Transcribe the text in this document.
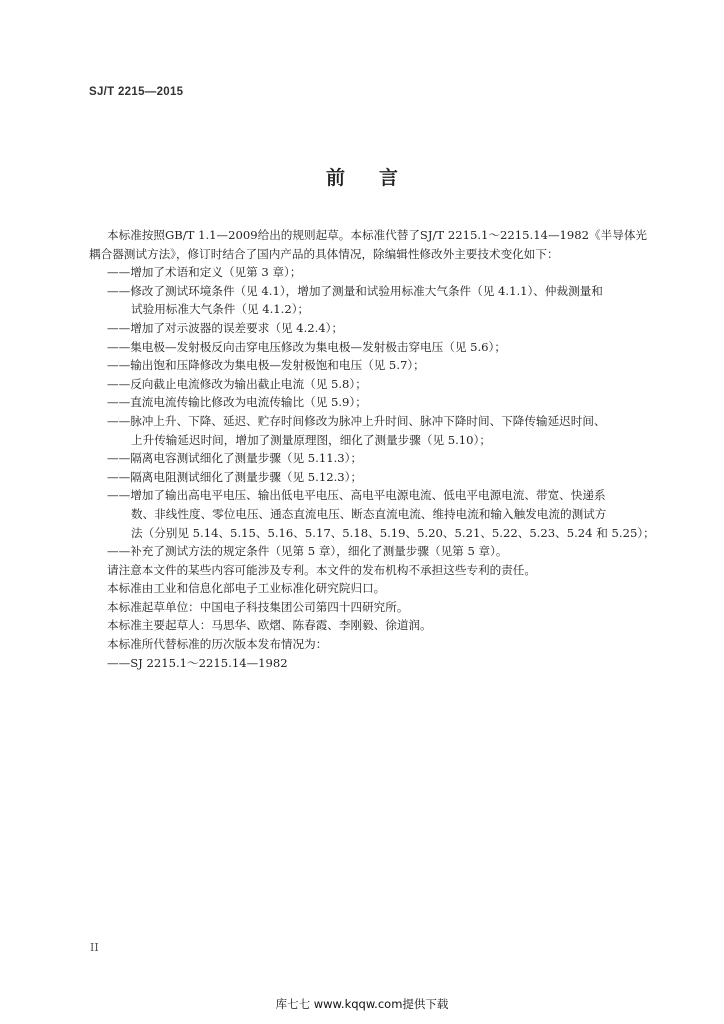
SJ/T 2215—2015
前言

本标准按照GB/T 1.1—2009给出的规则起草。本标准代替了SJ/T 2215.1～2215.14—1982《半导体光

耦合器测试方法》，修订时结合了国内产品的具体情况，除编辑性修改外主要技术变化如下：

——增加了术语和定义（见第 3 章）；

——修改了测试环境条件（见 4.1），增加了测量和试验用标准大气条件（见 4.1.1）、仲裁测量和

试验用标准大气条件（见 4.1.2）；

——增加了对示波器的误差要求（见 4.2.4）；

——集电极—发射极反向击穿电压修改为集电极—发射极击穿电压（见 5.6）；

——输出饱和压降修改为集电极—发射极饱和电压（见 5.7）；

——反向截止电流修改为输出截止电流（见 5.8）；

——直流电流传输比修改为电流传输比（见 5.9）；

——脉冲上升、下降、延迟、贮存时间修改为脉冲上升时间、脉冲下降时间、下降传输延迟时间、

上升传输延迟时间，增加了测量原理图，细化了测量步骤（见 5.10）；

——隔离电容测试细化了测量步骤（见 5.11.3）；

——隔离电阻测试细化了测量步骤（见 5.12.3）；

——增加了输出高电平电压、输出低电平电压、高电平电源电流、低电平电源电流、带宽、快递系

数、非线性度、零位电压、通态直流电压、断态直流电流、维持电流和输入触发电流的测试方

法（分别见 5.14、5.15、5.16、5.17、5.18、5.19、5.20、5.21、5.22、5.23、5.24 和 5.25）；

——补充了测试方法的规定条件（见第 5 章），细化了测量步骤（见第 5 章）。

请注意本文件的某些内容可能涉及专利。本文件的发布机构不承担这些专利的责任。

本标准由工业和信息化部电子工业标准化研究院归口。

本标准起草单位：中国电子科技集团公司第四十四研究所。

本标准主要起草人：马思华、欧熠、陈春霞、李刚毅、徐道润。

本标准所代替标准的历次版本发布情况为：

——SJ 2215.1～2215.14—1982

II
库七七 www.kqqw.com提供下载
